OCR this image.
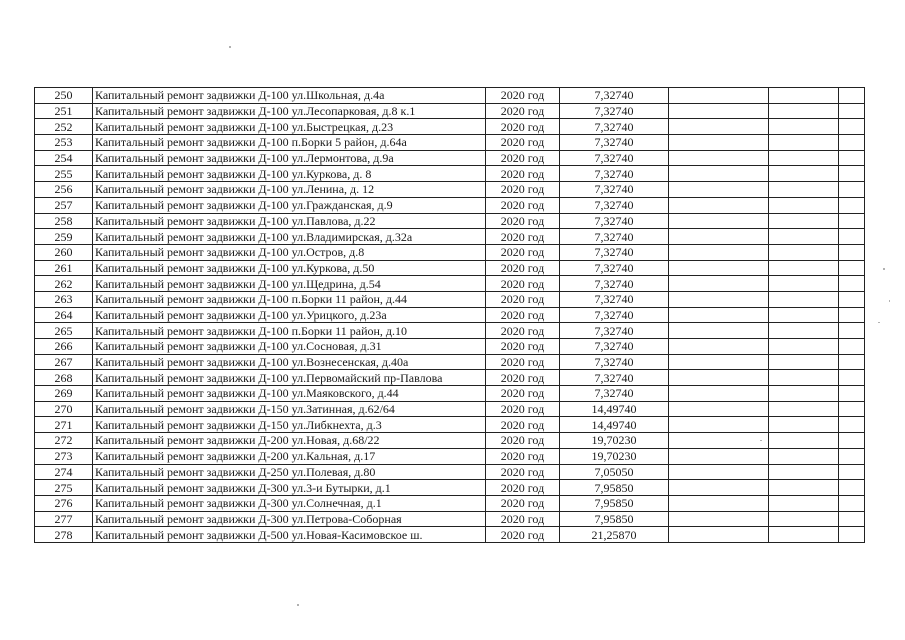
250	Капитальный ремонт задвижки Д-100 ул.Школьная, д.4а	2020 год	7,32740			
251	Капитальный ремонт задвижки Д-100 ул.Лесопарковая, д.8 к.1	2020 год	7,32740			
252	Капитальный ремонт задвижки Д-100 ул.Быстрецкая, д.23	2020 год	7,32740			
253	Капитальный ремонт задвижки Д-100 п.Борки 5 район, д.64а	2020 год	7,32740			
254	Капитальный ремонт задвижки Д-100 ул.Лермонтова, д.9а	2020 год	7,32740			
255	Капитальный ремонт задвижки Д-100 ул.Куркова, д. 8	2020 год	7,32740			
256	Капитальный ремонт задвижки Д-100 ул.Ленина, д. 12	2020 год	7,32740			
257	Капитальный ремонт задвижки Д-100 ул.Гражданская, д.9	2020 год	7,32740			
258	Капитальный ремонт задвижки Д-100 ул.Павлова, д.22	2020 год	7,32740			
259	Капитальный ремонт задвижки Д-100 ул.Владимирская, д.32а	2020 год	7,32740			
260	Капитальный ремонт задвижки Д-100 ул.Остров, д.8	2020 год	7,32740			
261	Капитальный ремонт задвижки Д-100 ул.Куркова, д.50	2020 год	7,32740			
262	Капитальный ремонт задвижки Д-100 ул.Щедрина, д.54	2020 год	7,32740			
263	Капитальный ремонт задвижки Д-100 п.Борки 11 район, д.44	2020 год	7,32740			
264	Капитальный ремонт задвижки Д-100 ул.Урицкого, д.23а	2020 год	7,32740			
265	Капитальный ремонт задвижки Д-100 п.Борки 11 район, д.10	2020 год	7,32740			
266	Капитальный ремонт задвижки Д-100 ул.Сосновая, д.31	2020 год	7,32740			
267	Капитальный ремонт задвижки Д-100 ул.Вознесенская, д.40а	2020 год	7,32740			
268	Капитальный ремонт задвижки Д-100 ул.Первомайский пр-Павлова	2020 год	7,32740			
269	Капитальный ремонт задвижки Д-100 ул.Маяковского, д.44	2020 год	7,32740			
270	Капитальный ремонт задвижки Д-150 ул.Затинная, д.62/64	2020 год	14,49740			
271	Капитальный ремонт задвижки Д-150 ул.Либкнехта, д.3	2020 год	14,49740			
272	Капитальный ремонт задвижки Д-200 ул.Новая, д.68/22	2020 год	19,70230			
273	Капитальный ремонт задвижки Д-200 ул.Кальная, д.17	2020 год	19,70230			
274	Капитальный ремонт задвижки Д-250 ул.Полевая, д.80	2020 год	7,05050			
275	Капитальный ремонт задвижки Д-300 ул.3-и Бутырки, д.1	2020 год	7,95850			
276	Капитальный ремонт задвижки Д-300 ул.Солнечная, д.1	2020 год	7,95850			
277	Капитальный ремонт задвижки Д-300 ул.Петрова-Соборная	2020 год	7,95850			
278	Капитальный ремонт задвижки Д-500 ул.Новая-Касимовское ш.	2020 год	21,25870			
